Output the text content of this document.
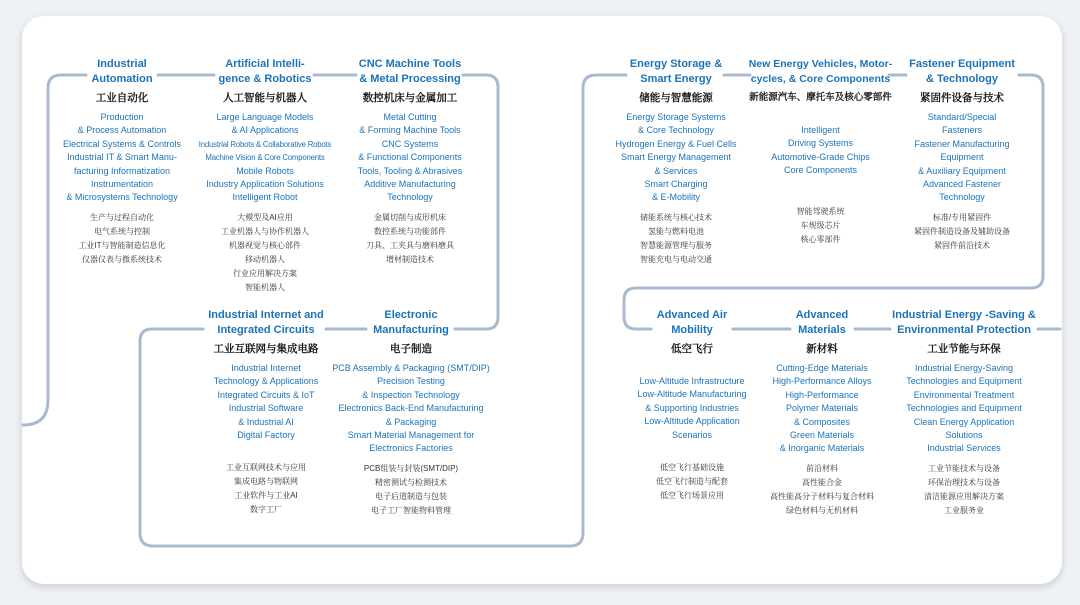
Industrial
Automation
工业自动化
Production
& Process Automation
Electrical Systems & Controls
Industrial IT & Smart Manu-
facturing Informatization
Instrumentation
& Microsystems Technology
生产与过程自动化
电气系统与控制
工业IT与智能制造信息化
仪器仪表与微系统技术
Artificial Intelli-
gence & Robotics
人工智能与机器人
Large Language Models
& AI Applications
Industrial Robots & Collaborative Robots
Machine Vision & Core Components
Mobile Robots
Industry Application Solutions
Intelligent Robot
大模型及AI应用
工业机器人与协作机器人
机器视觉与核心部件
移动机器人
行业应用解决方案
智能机器人
CNC Machine Tools
& Metal Processing
数控机床与金属加工
Metal Cutting
& Forming Machine Tools
CNC Systems
& Functional Components
Tools, Tooling & Abrasives
Additive Manufacturing
Technology
金属切削与成形机床
数控系统与功能部件
刀具、工夹具与磨料磨具
增材制造技术
Energy Storage &
Smart Energy
储能与智慧能源
Energy Storage Systems
& Core Technology
Hydrogen Energy & Fuel Cells
Smart Energy Management
& Services
Smart Charging
& E-Mobility
储能系统与核心技术
氢能与燃料电池
智慧能源管理与服务
智能充电与电动交通
New Energy Vehicles, Motor-
cycles, & Core Components
新能源汽车、摩托车及核心零部件
Intelligent
Driving Systems
Automotive-Grade Chips
Core Components
智能驾驶系统
车规级芯片
核心零部件
Fastener Equipment
& Technology
紧固件设备与技术
Standard/Special
Fasteners
Fastener Manufacturing
Equipment
& Auxiliary Equipment
Advanced Fastener
Technology
标准/专用紧固件
紧固件制造设备及辅助设备
紧固件前沿技术
Industrial Internet and
Integrated Circuits
工业互联网与集成电路
Industrial Internet
Technology & Applications
Integrated Circuits & IoT
Industrial Software
& Industrial AI
Digital Factory
工业互联网技术与应用
集成电路与物联网
工业软件与工业AI
数字工厂
Electronic
Manufacturing
电子制造
PCB Assembly & Packaging (SMT/DIP)
Precision Testing
& Inspection Technology
Electronics Back-End Manufacturing
& Packaging
Smart Material Management for
Electronics Factories
PCB组装与封装(SMT/DIP)
精密测试与检测技术
电子后道制造与包装
电子工厂智能物料管理
Advanced Air
Mobility
低空飞行
Low-Altitude Infrastructure
Low-Altitude Manufacturing
& Supporting Industries
Low-Altitude Application
Scenarios
低空飞行基础设施
低空飞行制造与配套
低空飞行场景应用
Advanced
Materials
新材料
Cutting-Edge Materials
High-Performance Alloys
High-Performance
Polymer Materials
& Composites
Green Materials
& Inorganic Materials
前沿材料
高性能合金
高性能高分子材料与复合材料
绿色材料与无机材料
Industrial Energy -Saving &
Environmental Protection
工业节能与环保
Industrial Energy-Saving
Technologies and Equipment
Environmental Treatment
Technologies and Equipment
Clean Energy Application
Solutions
Industrial Services
工业节能技术与设备
环保治理技术与设备
清洁能源应用解决方案
工业服务业
